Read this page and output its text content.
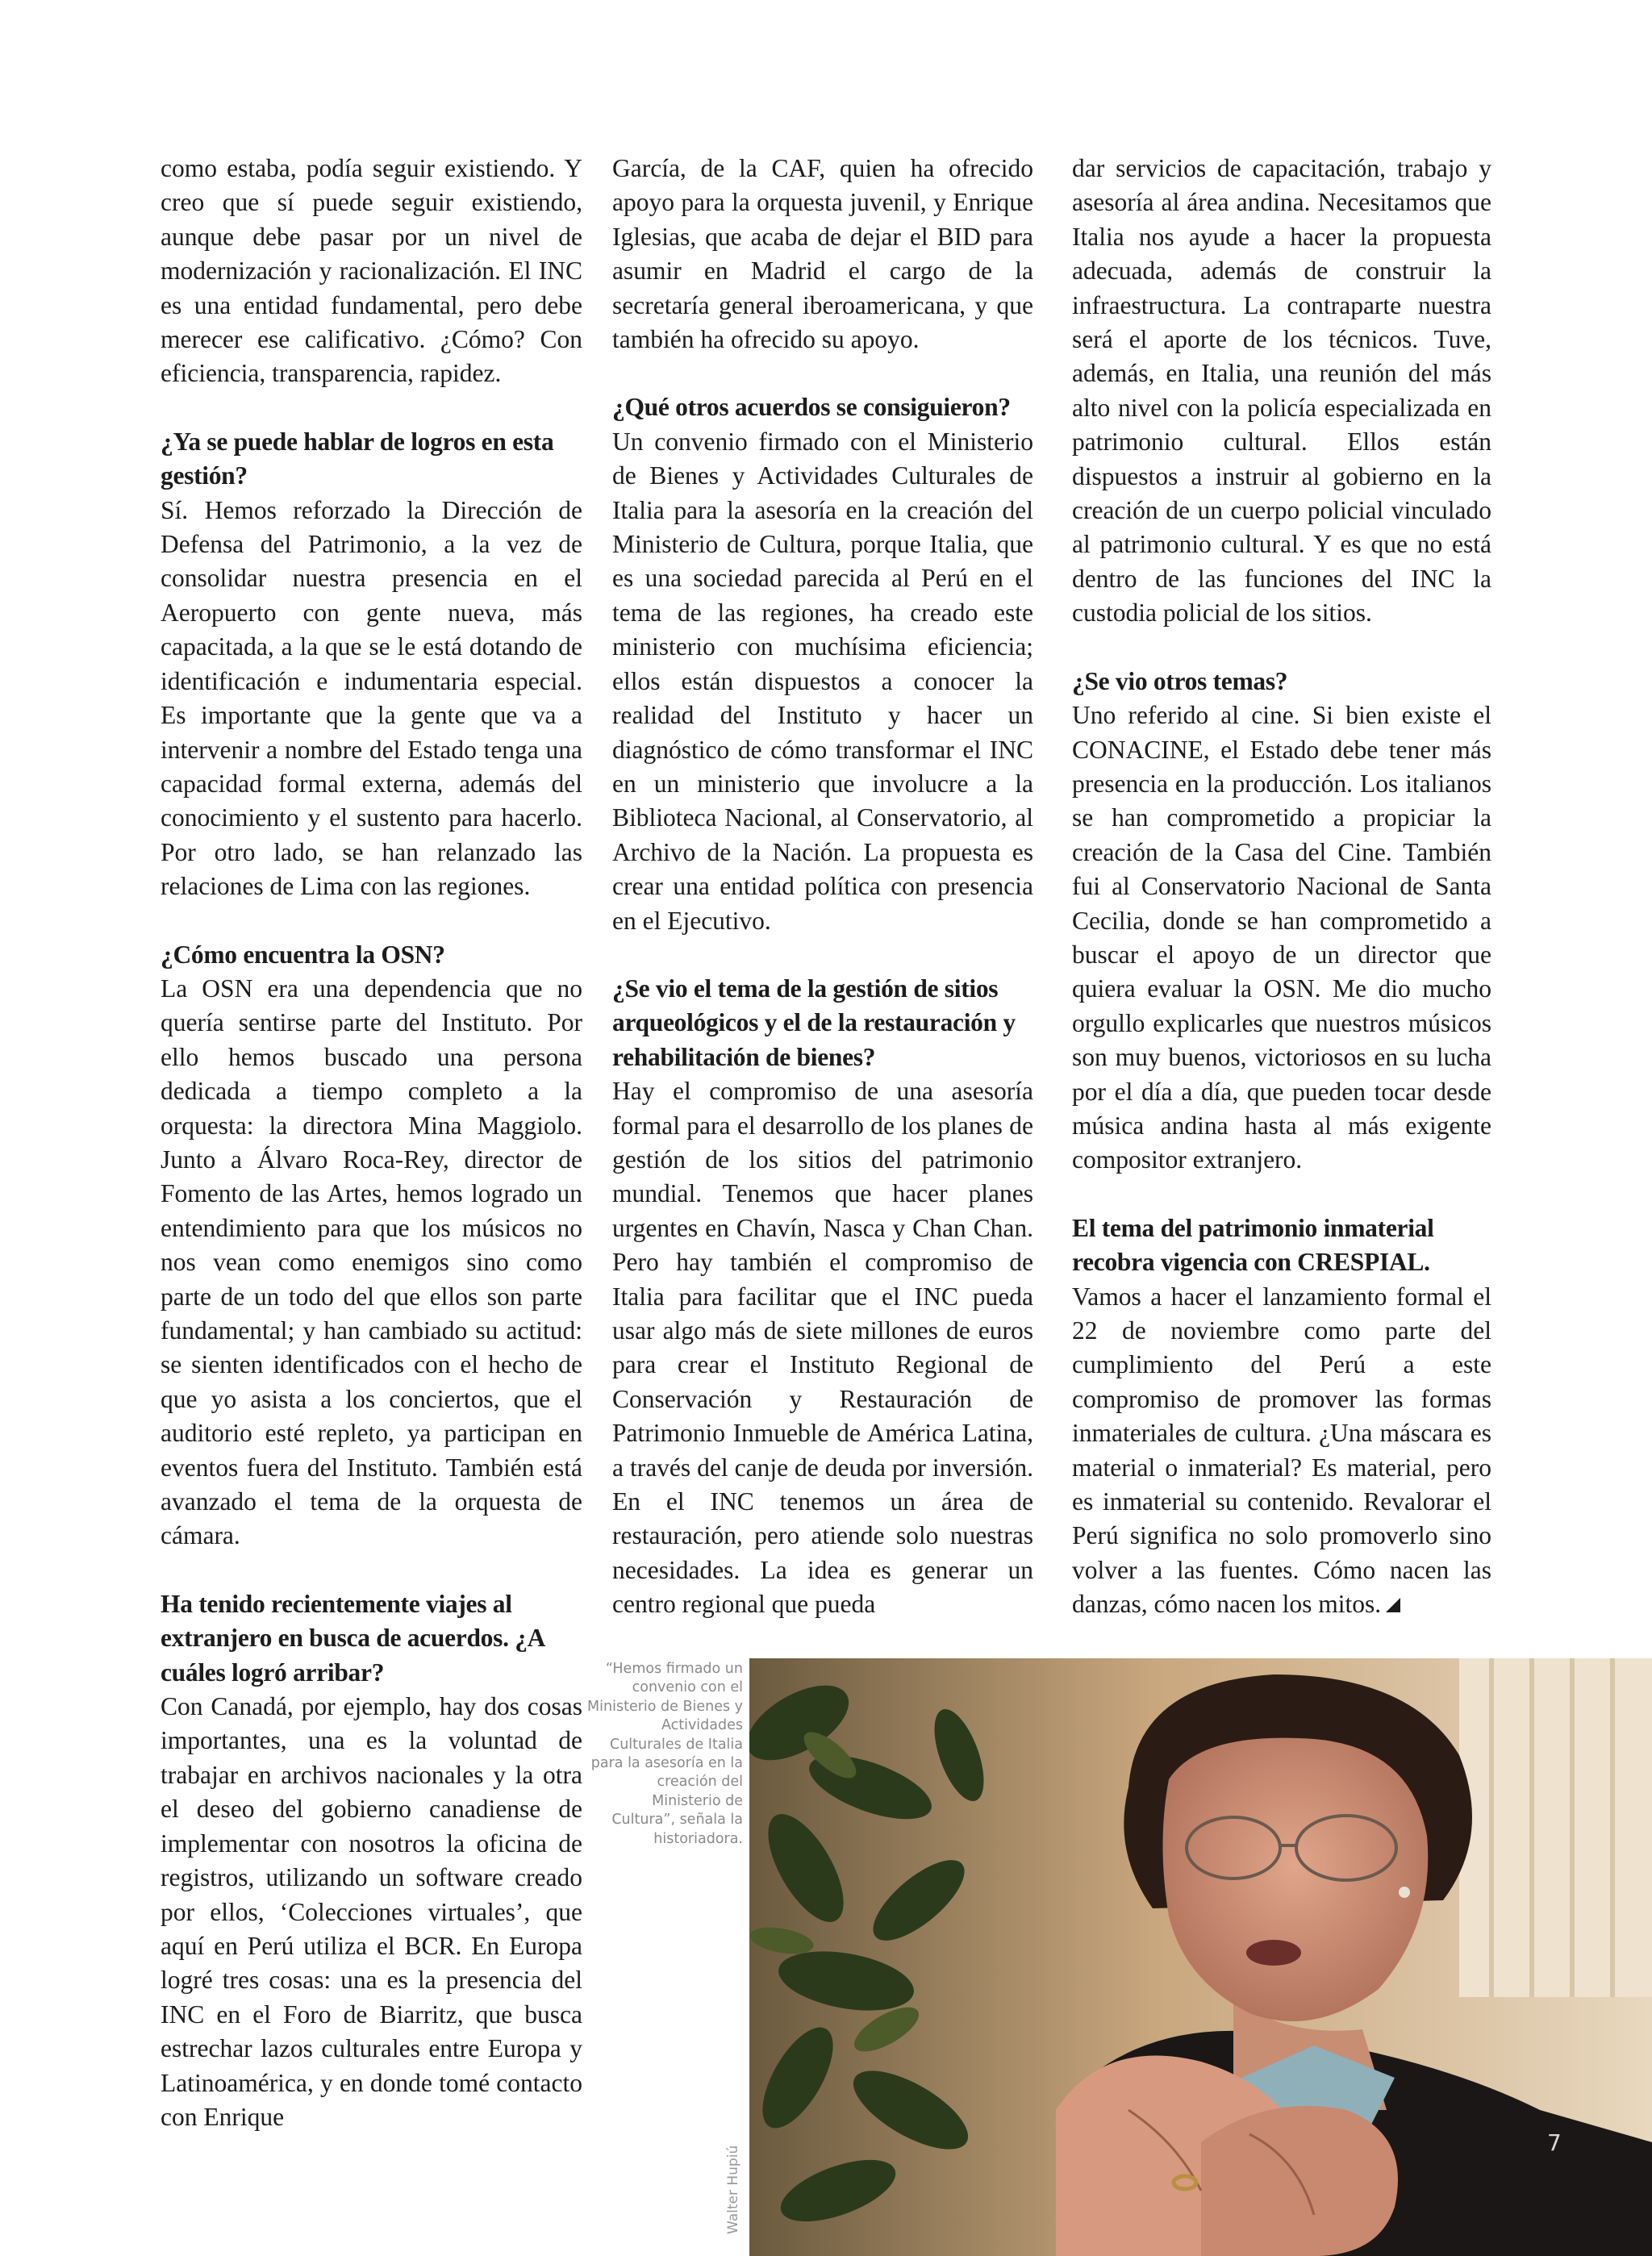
como estaba, podía seguir existiendo. Y creo que sí puede seguir existiendo, aunque debe pasar por un nivel de modernización y racionalización. El INC es una entidad fundamental, pero debe merecer ese calificativo. ¿Cómo? Con eficiencia, transparencia, rapidez.

¿Ya se puede hablar de logros en esta gestión?

Sí. Hemos reforzado la Dirección de Defensa del Patrimonio, a la vez de consolidar nuestra presencia en el Aeropuerto con gente nueva, más capacitada, a la que se le está dotando de identificación e indumentaria especial. Es importante que la gente que va a intervenir a nombre del Estado tenga una capacidad formal externa, además del conocimiento y el sustento para hacerlo. Por otro lado, se han relanzado las relaciones de Lima con las regiones.

¿Cómo encuentra la OSN?

La OSN era una dependencia que no quería sentirse parte del Instituto. Por ello hemos buscado una persona dedicada a tiempo completo a la orquesta: la directora Mina Maggiolo. Junto a Álvaro Roca-Rey, director de Fomento de las Artes, hemos logrado un entendimiento para que los músicos no nos vean como enemigos sino como parte de un todo del que ellos son parte fundamental; y han cambiado su actitud: se sienten identificados con el hecho de que yo asista a los conciertos, que el auditorio esté repleto, ya participan en eventos fuera del Instituto. También está avanzado el tema de la orquesta de cámara.

Ha tenido recientemente viajes al extranjero en busca de acuerdos. ¿A cuáles logró arribar?

Con Canadá, por ejemplo, hay dos cosas importantes, una es la voluntad de trabajar en archivos nacionales y la otra el deseo del gobierno canadiense de implementar con nosotros la oficina de registros, utilizando un software creado por ellos, ‘Colecciones virtuales’, que aquí en Perú utiliza el BCR. En Europa logré tres cosas: una es la presencia del INC en el Foro de Biarritz, que busca estrechar lazos culturales entre Europa y Latinoamérica, y en donde tomé contacto con Enrique

García, de la CAF, quien ha ofrecido apoyo para la orquesta juvenil, y Enrique Iglesias, que acaba de dejar el BID para asumir en Madrid el cargo de la secretaría general iberoamericana, y que también ha ofrecido su apoyo.

¿Qué otros acuerdos se consiguieron?

Un convenio firmado con el Ministerio de Bienes y Actividades Culturales de Italia para la asesoría en la creación del Ministerio de Cultura, porque Italia, que es una sociedad parecida al Perú en el tema de las regiones, ha creado este ministerio con muchísima eficiencia; ellos están dispuestos a conocer la realidad del Instituto y hacer un diagnóstico de cómo transformar el INC en un ministerio que involucre a la Biblioteca Nacional, al Conservatorio, al Archivo de la Nación. La propuesta es crear una entidad política con presencia en el Ejecutivo.

¿Se vio el tema de la gestión de sitios arqueológicos y el de la restauración y rehabilitación de bienes?

Hay el compromiso de una asesoría formal para el desarrollo de los planes de gestión de los sitios del patrimonio mundial. Tenemos que hacer planes urgentes en Chavín, Nasca y Chan Chan. Pero hay también el compromiso de Italia para facilitar que el INC pueda usar algo más de siete millones de euros para crear el Instituto Regional de Conservación y Restauración de Patrimonio Inmueble de América Latina, a través del canje de deuda por inversión. En el INC tenemos un área de restauración, pero atiende solo nuestras necesidades. La idea es generar un centro regional que pueda

dar servicios de capacitación, trabajo y asesoría al área andina. Necesitamos que Italia nos ayude a hacer la propuesta adecuada, además de construir la infraestructura. La contraparte nuestra será el aporte de los técnicos. Tuve, además, en Italia, una reunión del más alto nivel con la policía especializada en patrimonio cultural. Ellos están dispuestos a instruir al gobierno en la creación de un cuerpo policial vinculado al patrimonio cultural. Y es que no está dentro de las funciones del INC la custodia policial de los sitios.

¿Se vio otros temas?

Uno referido al cine. Si bien existe el CONACINE, el Estado debe tener más presencia en la producción. Los italianos se han comprometido a propiciar la creación de la Casa del Cine. También fui al Conservatorio Nacional de Santa Cecilia, donde se han comprometido a buscar el apoyo de un director que quiera evaluar la OSN. Me dio mucho orgullo explicarles que nuestros músicos son muy buenos, victoriosos en su lucha por el día a día, que pueden tocar desde música andina hasta al más exigente compositor extranjero.

El tema del patrimonio inmaterial recobra vigencia con CRESPIAL.

Vamos a hacer el lanzamiento formal el 22 de noviembre como parte del cumplimiento del Perú a este compromiso de promover las formas inmateriales de cultura. ¿Una máscara es material o inmaterial? Es material, pero es inmaterial su contenido. Revalorar el Perú significa no solo promoverlo sino volver a las fuentes. Cómo nacen las danzas, cómo nacen los mitos.

“Hemos firmado un convenio con el Ministerio de Bienes y Actividades Culturales de Italia para la asesoría en la creación del Ministerio de Cultura”, señala la historiadora.
Walter Hupiú
7
